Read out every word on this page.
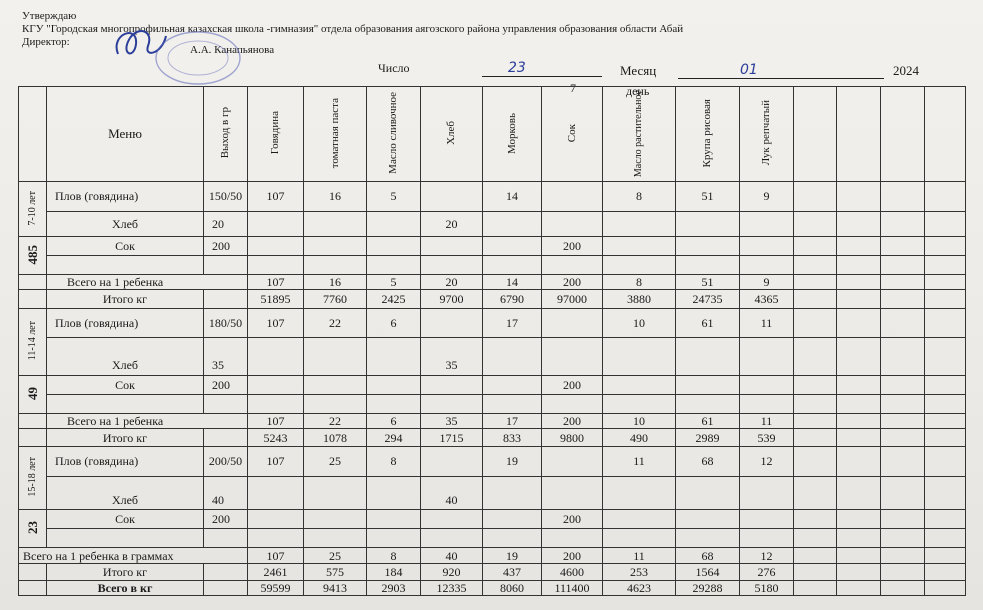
Утверждаю
КГУ "Городская многопрофильная казахская школа -гимназия" отдела образования аягозского района управления образования области Абай
Директор:
А.А. Канапьянова
Число	23	Месяц	01	2024
7	день
	Меню	Выход в гр	Говядина	томатная паста	Масло сливочное	Хлеб	Морковь	Сок	Масло растительное	Крупа рисовая	Лук репчатый				
7-10 лет	Плов (говядина)	150/50	107	16	5		14		8	51	9				
	Хлеб	20				20									
485	Сок	200						200							

	Всего на 1 ребенка		107	16	5	20	14	200	8	51	9				
	Итого кг		51895	7760	2425	9700	6790	97000	3880	24735	4365				
11-14 лет	Плов (говядина)	180/50	107	22	6		17		10	61	11				
	Хлеб	35				35									
49	Сок	200						200							

	Всего на 1 ребенка		107	22	6	35	17	200	10	61	11				
	Итого кг		5243	1078	294	1715	833	9800	490	2989	539				
15-18 лет	Плов (говядина)	200/50	107	25	8		19		11	68	12				
	Хлеб	40				40									
23	Сок	200						200							

Всего на 1 ребенка в граммах			107	25	8	40	19	200	11	68	12				
	Итого кг		2461	575	184	920	437	4600	253	1564	276				
	Всего в кг		59599	9413	2903	12335	8060	111400	4623	29288	5180				
